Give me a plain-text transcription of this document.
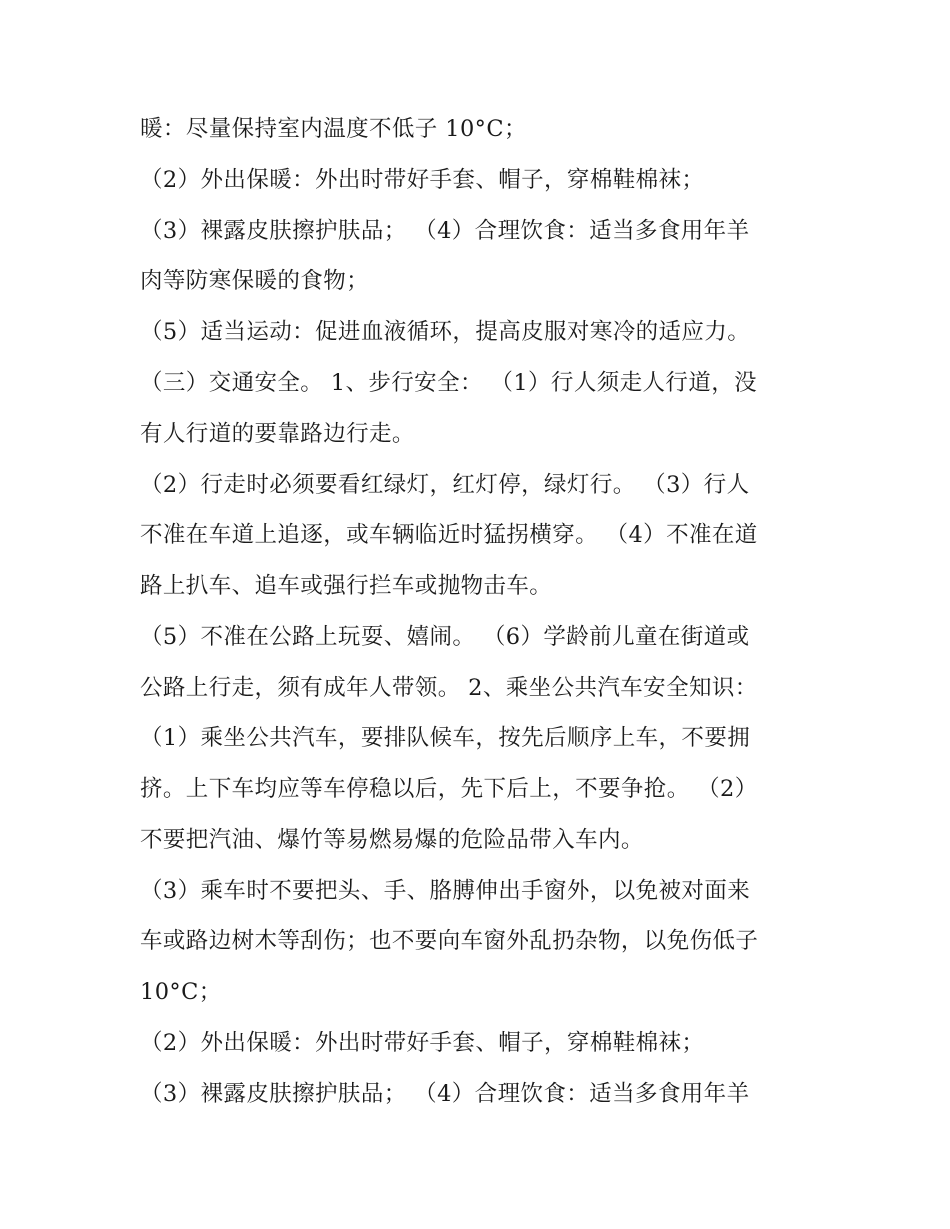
暖：尽量保持室内温度不低子 10°C；
（2）外出保暖：外出时带好手套、帽子，穿棉鞋棉袜；
（3）裸露皮肤擦护肤品； （4）合理饮食：适当多食用年羊
肉等防寒保暖的食物；
（5）适当运动：促进血液循环，提高皮服对寒冷的适应力。
（三）交通安全。 1、步行安全： （1）行人须走人行道，没
有人行道的要靠路边行走。
（2）行走时必须要看红绿灯，红灯停，绿灯行。 （3）行人
不准在车道上追逐，或车辆临近时猛拐横穿。 （4）不准在道
路上扒车、追车或强行拦车或抛物击车。
（5）不准在公路上玩耍、嬉闹。 （6）学龄前儿童在街道或
公路上行走，须有成年人带领。 2、乘坐公共汽车安全知识：
（1）乘坐公共汽车，要排队候车，按先后顺序上车，不要拥
挤。上下车均应等车停稳以后，先下后上，不要争抢。 （2）
不要把汽油、爆竹等易燃易爆的危险品带入车内。
（3）乘车时不要把头、手、胳膊伸出手窗外，以免被对面来
车或路边树木等刮伤；也不要向车窗外乱扔杂物，以免伤低子
10°C；
（2）外出保暖：外出时带好手套、帽子，穿棉鞋棉袜；
（3）裸露皮肤擦护肤品； （4）合理饮食：适当多食用年羊
